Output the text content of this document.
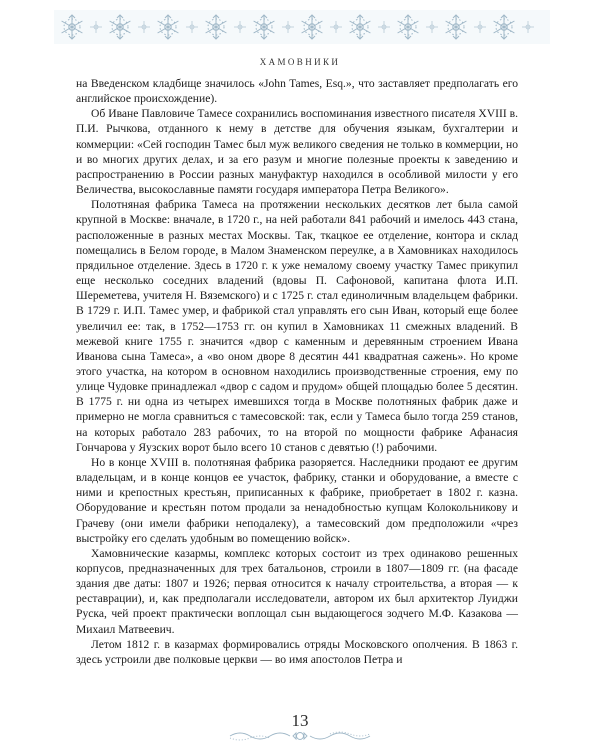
ХАМОВНИКИ

на Введенском кладбище значилось «John Tames, Esq.», что заставляет предполагать его английское происхождение).

Об Иване Павловиче Тамесе сохранились воспоминания известного писателя XVIII в. П.И. Рычкова, отданного к нему в детстве для обучения языкам, бухгалтерии и коммерции: «Сей господин Тамес был муж великого сведения не только в коммерции, но и во многих других делах, и за его разум и многие полезные проекты к заведению и распространению в России разных мануфактур находился в особливой милости у его Величества, высокославные памяти государя императора Петра Великого».

Полотняная фабрика Тамеса на протяжении нескольких десятков лет была самой крупной в Москве: вначале, в 1720 г., на ней работали 841 рабочий и имелось 443 стана, расположенные в разных местах Москвы. Так, ткацкое ее отделение, контора и склад помещались в Белом городе, в Малом Знаменском переулке, а в Хамовниках находилось прядильное отделение. Здесь в 1720 г. к уже немалому своему участку Тамес прикупил еще несколько соседних владений (вдовы П. Сафоновой, капитана флота И.П. Шереметева, учителя Н. Вяземского) и с 1725 г. стал единоличным владельцем фабрики. В 1729 г. И.П. Тамес умер, и фабрикой стал управлять его сын Иван, который еще более увеличил ее: так, в 1752—1753 гг. он купил в Хамовниках 11 смежных владений. В межевой книге 1755 г. значится «двор с каменным и деревянным строением Ивана Иванова сына Тамеса», а «во оном дворе 8 десятин 441 квадратная сажень». Но кроме этого участка, на котором в основном находились производственные строения, ему по улице Чудовке принадлежал «двор с садом и прудом» общей площадью более 5 десятин. В 1775 г. ни одна из четырех имевшихся тогда в Москве полотняных фабрик даже и примерно не могла сравниться с тамесовской: так, если у Тамеса было тогда 259 станов, на которых работало 283 рабочих, то на второй по мощности фабрике Афанасия Гончарова у Яузских ворот было всего 10 станов с девятью (!) рабочими.

Но в конце XVIII в. полотняная фабрика разоряется. Наследники продают ее другим владельцам, и в конце концов ее участок, фабрику, станки и оборудование, а вместе с ними и крепостных крестьян, приписанных к фабрике, приобретает в 1802 г. казна. Оборудование и крестьян потом продали за ненадобностью купцам Колокольникову и Грачеву (они имели фабрики неподалеку), а тамесовский дом предположили «чрез выстройку его сделать удобным во помещению войск».

Хамовнические казармы, комплекс которых состоит из трех одинаково решенных корпусов, предназначенных для трех батальонов, строили в 1807—1809 гг. (на фасаде здания две даты: 1807 и 1926; первая относится к началу строительства, а вторая — к реставрации), и, как предполагали исследователи, автором их был архитектор Луиджи Руска, чей проект практически воплощал сын выдающегося зодчего М.Ф. Казакова — Михаил Матвеевич.

Летом 1812 г. в казармах формировались отряды Московского ополчения. В 1863 г. здесь устроили две полковые церкви — во имя апостолов Петра и

13
